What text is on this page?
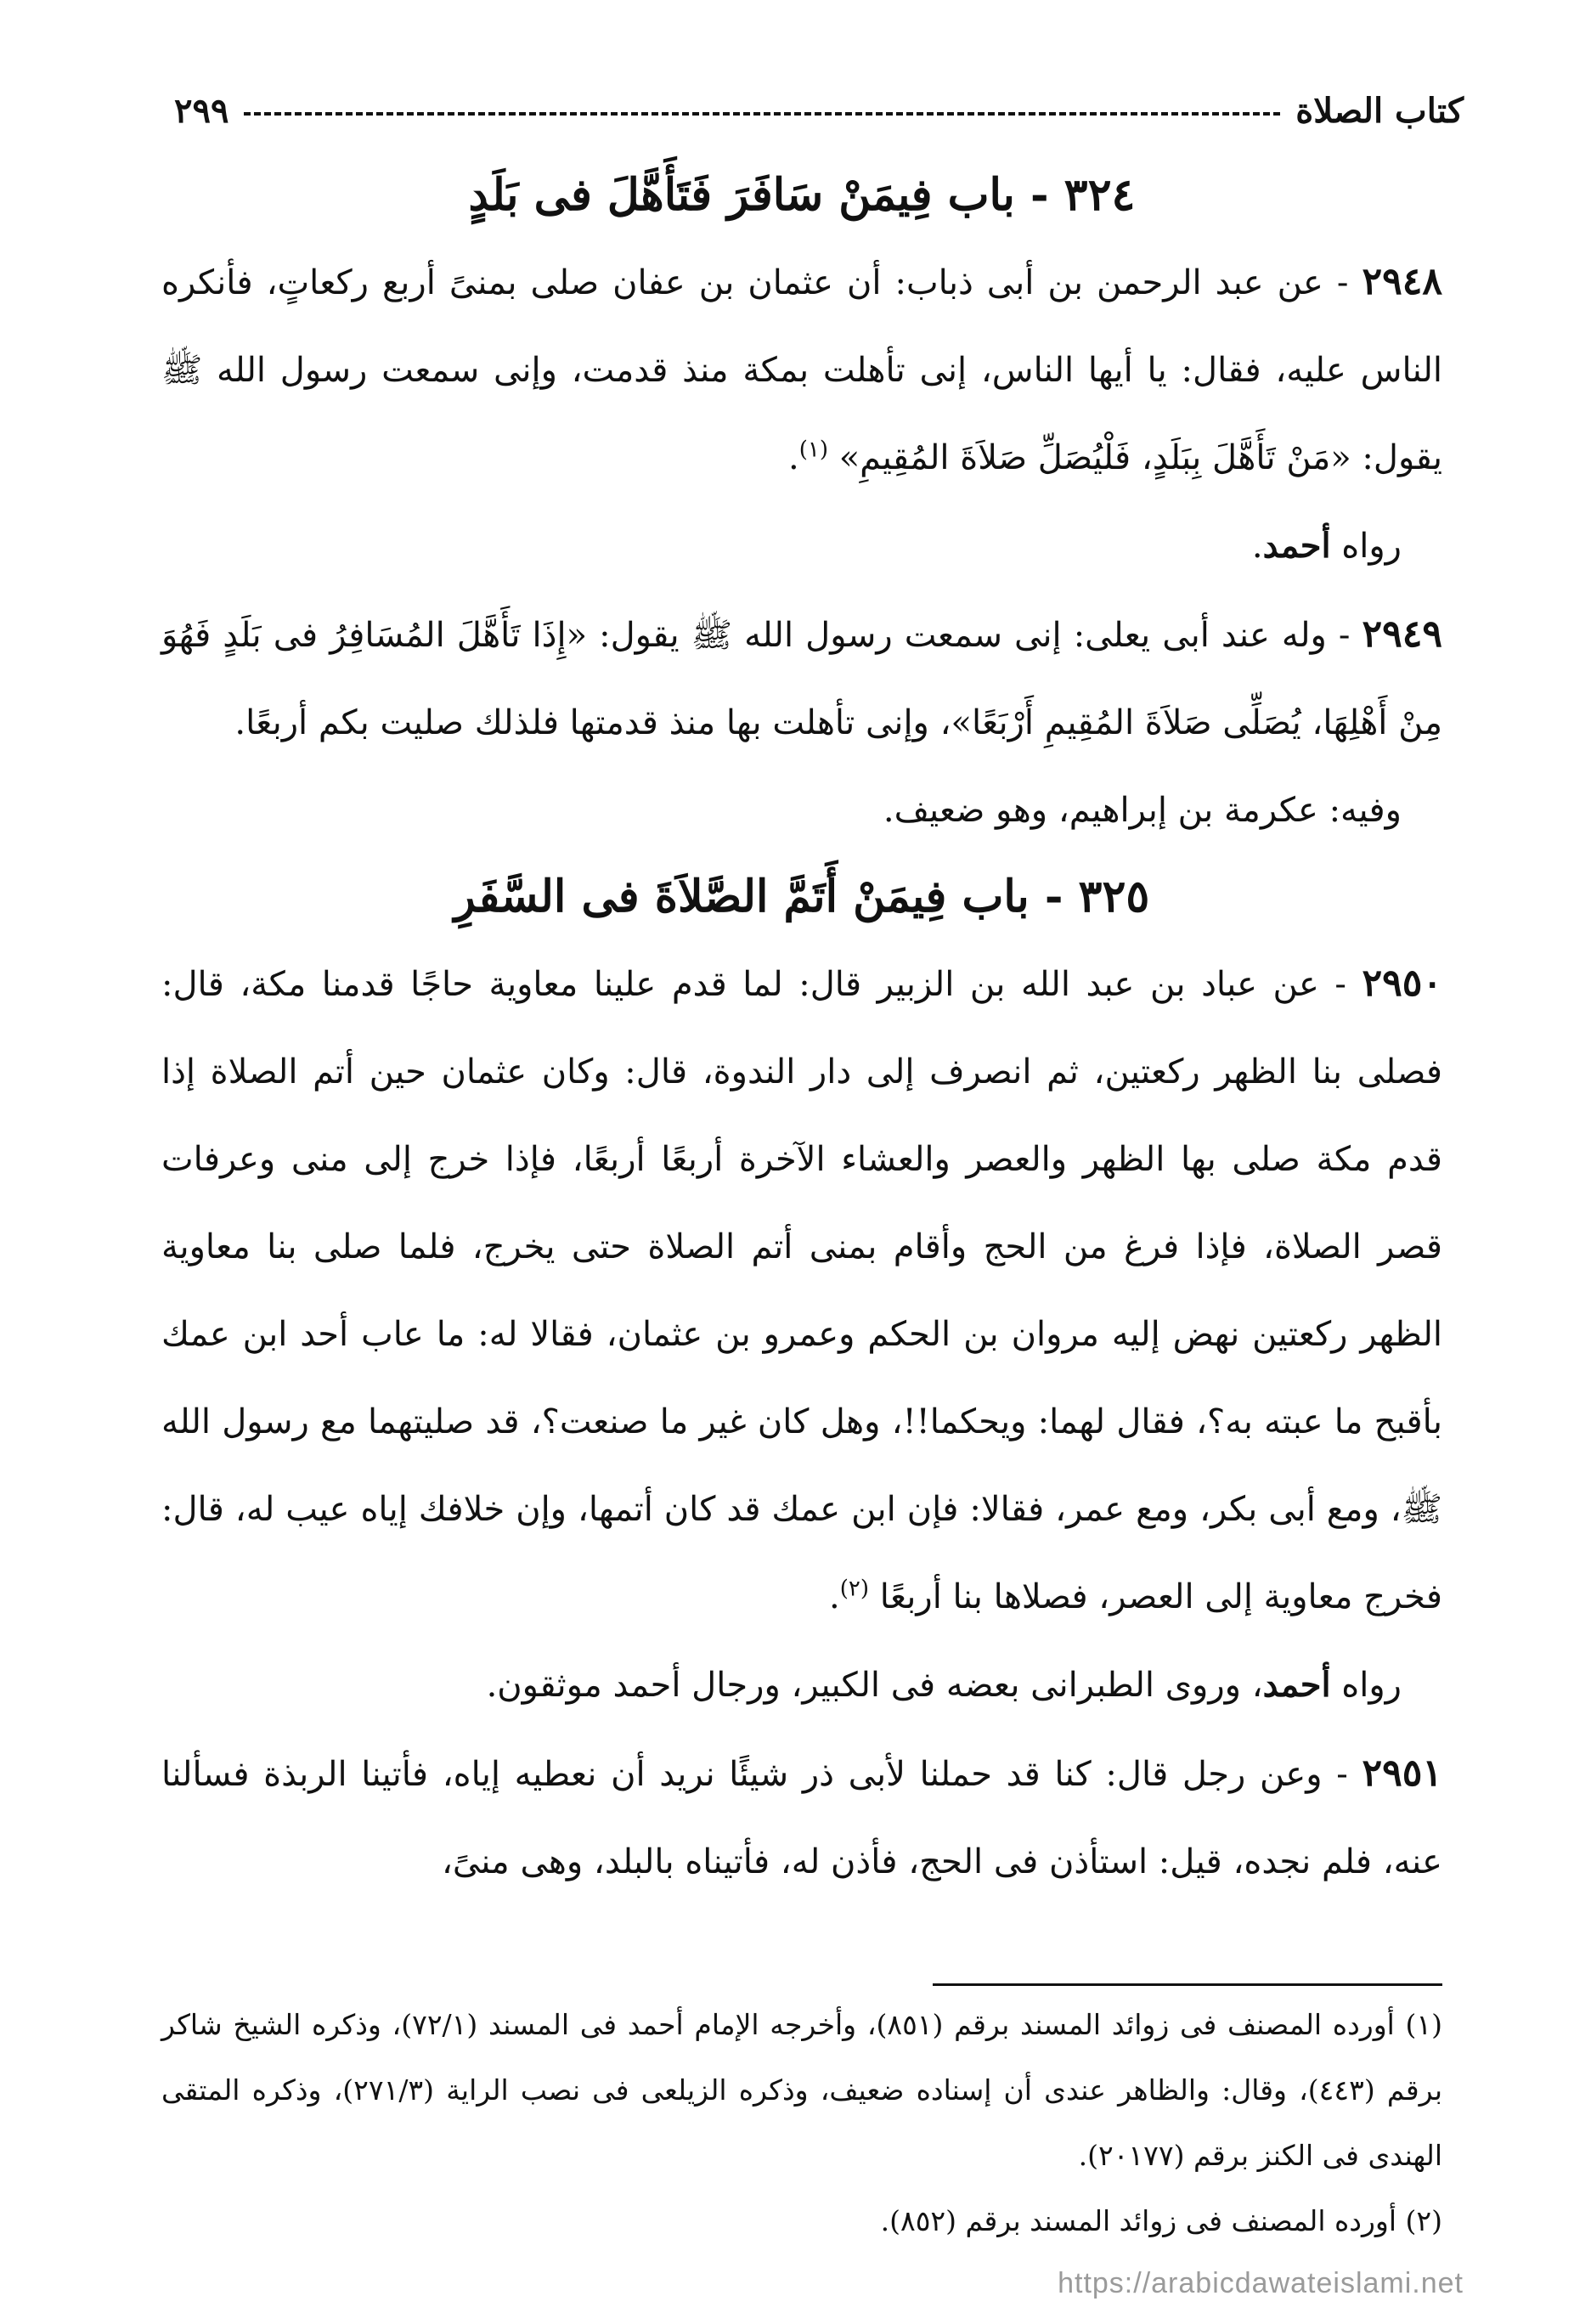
كتاب الصلاة
٢٩٩
٣٢٤ - باب فِيمَنْ سَافَرَ فَتَأَهَّلَ فى بَلَدٍ

٢٩٤٨ - عن عبد الرحمن بن أبى ذباب: أن عثمان بن عفان صلى بمنىً أربع ركعاتٍ، فأنكره الناس عليه، فقال: يا أيها الناس، إنى تأهلت بمكة منذ قدمت، وإنى سمعت رسول الله ﷺ يقول: «مَنْ تَأَهَّلَ بِبَلَدٍ، فَلْيُصَلِّ صَلاَةَ المُقِيمِ» $^{(١)}$.

رواه أحمد.

٢٩٤٩ - وله عند أبى يعلى: إنى سمعت رسول الله ﷺ يقول: «إِذَا تَأَهَّلَ المُسَافِرُ فى بَلَدٍ فَهُوَ مِنْ أَهْلِهَا، يُصَلِّى صَلاَةَ المُقِيمِ أَرْبَعًا»، وإنى تأهلت بها منذ قدمتها فلذلك صليت بكم أربعًا.

وفيه: عكرمة بن إبراهيم، وهو ضعيف.

٣٢٥ - باب فِيمَنْ أَتَمَّ الصَّلاَةَ فى السَّفَرِ

٢٩٥٠ - عن عباد بن عبد الله بن الزبير قال: لما قدم علينا معاوية حاجًا قدمنا مكة، قال: فصلى بنا الظهر ركعتين، ثم انصرف إلى دار الندوة، قال: وكان عثمان حين أتم الصلاة إذا قدم مكة صلى بها الظهر والعصر والعشاء الآخرة أربعًا أربعًا، فإذا خرج إلى منى وعرفات قصر الصلاة، فإذا فرغ من الحج وأقام بمنى أتم الصلاة حتى يخرج، فلما صلى بنا معاوية الظهر ركعتين نهض إليه مروان بن الحكم وعمرو بن عثمان، فقالا له: ما عاب أحد ابن عمك بأقبح ما عبته به؟، فقال لهما: ويحكما!!، وهل كان غير ما صنعت؟، قد صليتهما مع رسول الله ﷺ، ومع أبى بكر، ومع عمر، فقالا: فإن ابن عمك قد كان أتمها، وإن خلافك إياه عيب له، قال: فخرج معاوية إلى العصر، فصلاها بنا أربعًا $^{(٢)}$.

رواه أحمد، وروى الطبرانى بعضه فى الكبير، ورجال أحمد موثقون.

٢٩٥١ - وعن رجل قال: كنا قد حملنا لأبى ذر شيئًا نريد أن نعطيه إياه، فأتينا الربذة فسألنا عنه، فلم نجده، قيل: استأذن فى الحج، فأذن له، فأتيناه بالبلد، وهى منىً،

(١) أورده المصنف فى زوائد المسند برقم (٨٥١)، وأخرجه الإمام أحمد فى المسند (٧٢/١)، وذكره الشيخ شاكر برقم (٤٤٣)، وقال: والظاهر عندى أن إسناده ضعيف، وذكره الزيلعى فى نصب الراية (٢٧١/٣)، وذكره المتقى الهندى فى الكنز برقم (٢٠١٧٧).

(٢) أورده المصنف فى زوائد المسند برقم (٨٥٢).

https://arabicdawateislami.net
